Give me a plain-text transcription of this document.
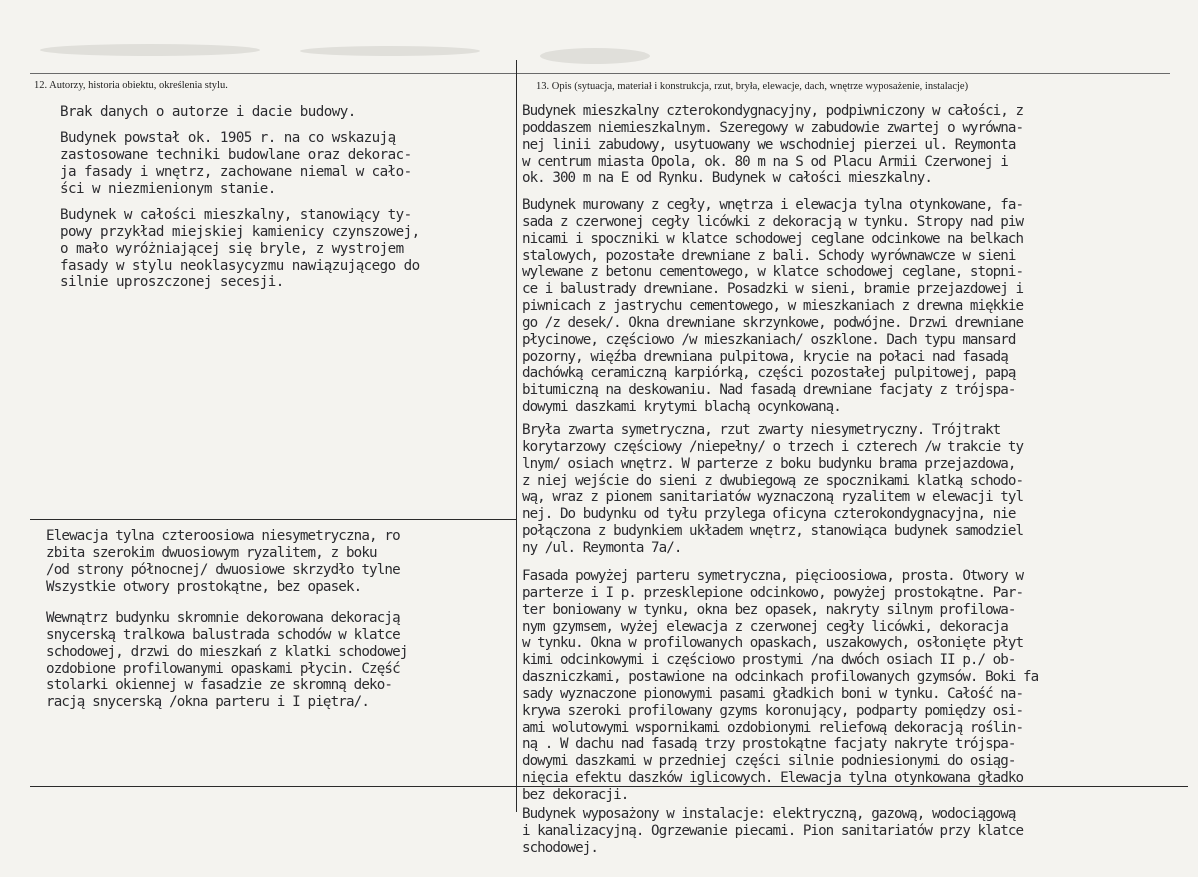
12. Autorzy, historia obiektu, określenia stylu.	13. Opis (sytuacja, materiał i konstrukcja, rzut, bryła, elewacje, dach, wnętrze wyposażenie, instalacje)

Brak danych o autorze i dacie budowy.

Budynek powstał ok. 1905 r. na co wskazują
zastosowane techniki budowlane oraz dekorac-
ja fasady i wnętrz, zachowane niemal w cało-
ści w niezmienionym stanie.

Budynek w całości mieszkalny, stanowiący ty-
powy przykład miejskiej kamienicy czynszowej,
o mało wyróżniającej się bryle, z wystrojem
fasady w stylu neoklasycyzmu nawiązującego do
silnie uproszczonej secesji.

Elewacja tylna czteroosiowa niesymetryczna, ro
zbita szerokim dwuosiowym ryzalitem, z boku
/od strony północnej/ dwuosiowe skrzydło tylne
Wszystkie otwory prostokątne, bez opasek.

Wewnątrz budynku skromnie dekorowana dekoracją
snycerską tralkowa balustrada schodów w klatce
schodowej, drzwi do mieszkań z klatki schodowej
ozdobione profilowanymi opaskami płycin. Część
stolarki okiennej w fasadzie ze skromną deko-
racją snycerską /okna parteru i I piętra/.

Budynek mieszkalny czterokondygnacyjny, podpiwniczony w całości, z
poddaszem niemieszkalnym. Szeregowy w zabudowie zwartej o wyrówna-
nej linii zabudowy, usytuowany we wschodniej pierzei ul. Reymonta
w centrum miasta Opola, ok. 80 m na S od Placu Armii Czerwonej i
ok. 300 m na E od Rynku. Budynek w całości mieszkalny.

Budynek murowany z cegły, wnętrza i elewacja tylna otynkowane, fa-
sada z czerwonej cegły licówki z dekoracją w tynku. Stropy nad piw
nicami i spoczniki w klatce schodowej ceglane odcinkowe na belkach
stalowych, pozostałe drewniane z bali. Schody wyrównawcze w sieni
wylewane z betonu cementowego, w klatce schodowej ceglane, stopni-
ce i balustrady drewniane. Posadzki w sieni, bramie przejazdowej i
piwnicach z jastrychu cementowego, w mieszkaniach z drewna miękkie
go /z desek/. Okna drewniane skrzynkowe, podwójne. Drzwi drewniane
płycinowe, częściowo /w mieszkaniach/ oszklone. Dach typu mansard
pozorny, więźba drewniana pulpitowa, krycie na połaci nad fasadą
dachówką ceramiczną karpiórką, części pozostałej pulpitowej, papą
bitumiczną na deskowaniu. Nad fasadą drewniane facjaty z trójspa-
dowymi daszkami krytymi blachą ocynkowaną.

Bryła zwarta symetryczna, rzut zwarty niesymetryczny. Trójtrakt
korytarzowy częściowy /niepełny/ o trzech i czterech /w trakcie ty
lnym/ osiach wnętrz. W parterze z boku budynku brama przejazdowa,
z niej wejście do sieni z dwubiegową ze spocznikami klatką schodo-
wą, wraz z pionem sanitariatów wyznaczoną ryzalitem w elewacji tyl
nej. Do budynku od tyłu przylega oficyna czterokondygnacyjna, nie
połączona z budynkiem układem wnętrz, stanowiąca budynek samodziel
ny /ul. Reymonta 7a/.

Fasada powyżej parteru symetryczna, pięcioosiowa, prosta. Otwory w
parterze i I p. przesklepione odcinkowo, powyżej prostokątne. Par-
ter boniowany w tynku, okna bez opasek, nakryty silnym profilowa-
nym gzymsem, wyżej elewacja z czerwonej cegły licówki, dekoracja
w tynku. Okna w profilowanych opaskach, uszakowych, osłonięte płyt
kimi odcinkowymi i częściowo prostymi /na dwóch osiach II p./ ob-
daszniczkami, postawione na odcinkach profilowanych gzymsów. Boki fa
sady wyznaczone pionowymi pasami gładkich boni w tynku. Całość na-
krywa szeroki profilowany gzyms koronujący, podparty pomiędzy osi-
ami wolutowymi wspornikami ozdobionymi reliefową dekoracją roślin-
ną . W dachu nad fasadą trzy prostokątne facjaty nakryte trójspa-
dowymi daszkami w przedniej części silnie podniesionymi do osiąg-
nięcia efektu daszków iglicowych. Elewacja tylna otynkowana gładko
bez dekoracji.

Budynek wyposażony w instalacje: elektryczną, gazową, wodociągową
i kanalizacyjną. Ogrzewanie piecami. Pion sanitariatów przy klatce
schodowej.
